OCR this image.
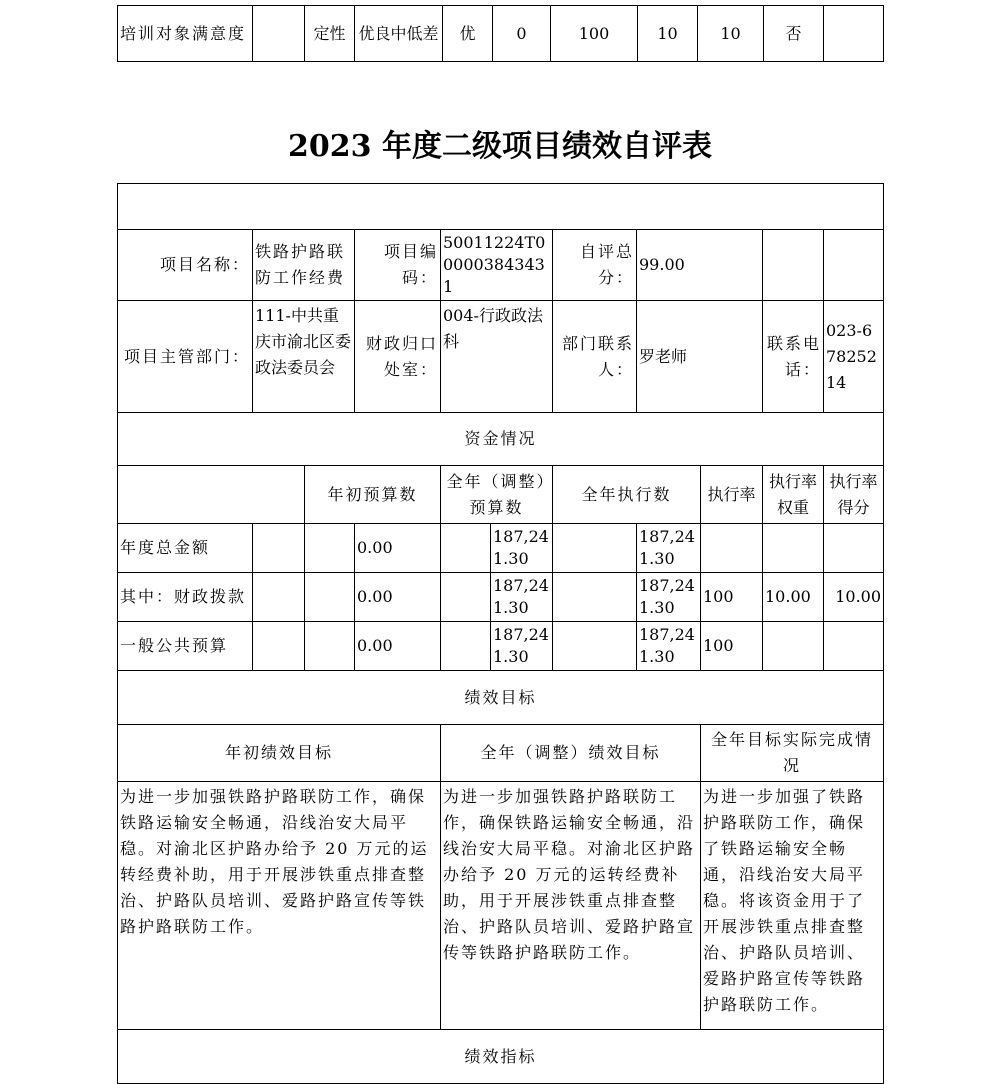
培训对象满意度		定性	优良中低差	优	0	100	10	10	否	
2023 年度二级项目绩效自评表

项目名称：	铁路护路联防工作经费		项目编码：	50011224T000003843431		自评总分：	99.00			
项目主管部门：	111-中共重庆市渝北区委政法委员会		财政归口处室：	004-行政政法科		部门联系人：	罗老师		联系电话：	023-67825214
资金情况										
		年初预算数		全年（调整）预算数		全年执行数		执行率	执行率权重	执行率得分
年度总金额			0.00		187,241.30		187,241.30			
其中：财政拨款			0.00		187,241.30		187,241.30	100	10.00	10.00
一般公共预算			0.00		187,241.30		187,241.30	100		
绩效目标										
年初绩效目标				全年（调整）绩效目标				全年目标实际完成情况		
为进一步加强铁路护路联防工作，确保铁路运输安全畅通，沿线治安大局平稳。对渝北区护路办给予 20 万元的运转经费补助，用于开展涉铁重点排查整治、护路队员培训、爱路护路宣传等铁路护路联防工作。				为进一步加强铁路护路联防工作，确保铁路运输安全畅通，沿线治安大局平稳。对渝北区护路办给予 20 万元的运转经费补助，用于开展涉铁重点排查整治、护路队员培训、爱路护路宣传等铁路护路联防工作。				为进一步加强了铁路护路联防工作，确保了铁路运输安全畅通，沿线治安大局平稳。将该资金用于了开展涉铁重点排查整治、护路队员培训、爱路护路宣传等铁路护路联防工作。		
绩效指标										
